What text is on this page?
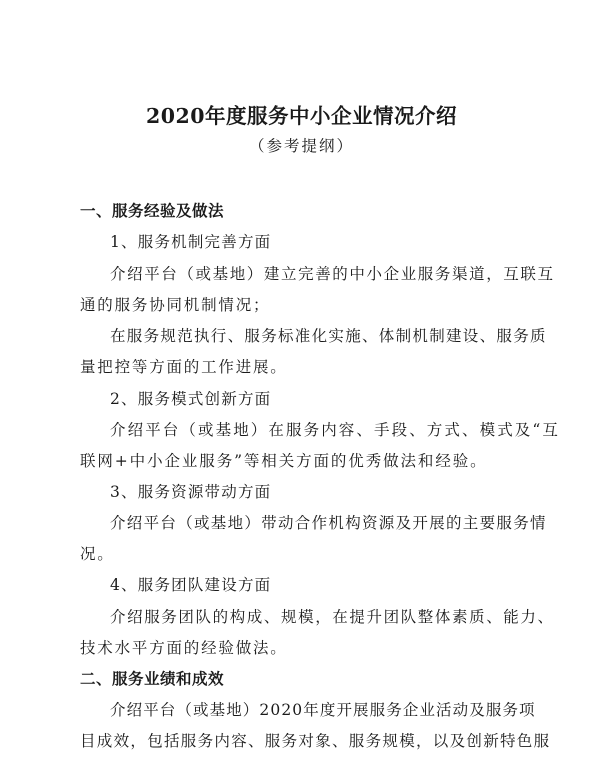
2020年度服务中小企业情况介绍
（参考提纲）
一、服务经验及做法
1、服务机制完善方面
介绍平台（或基地）建立完善的中小企业服务渠道，互联互
通的服务协同机制情况；
在服务规范执行、服务标准化实施、体制机制建设、服务质
量把控等方面的工作进展。
2、服务模式创新方面
介绍平台（或基地）在服务内容、手段、方式、模式及“互
联网+中小企业服务”等相关方面的优秀做法和经验。
3、服务资源带动方面
介绍平台（或基地）带动合作机构资源及开展的主要服务情
况。
4、服务团队建设方面
介绍服务团队的构成、规模，在提升团队整体素质、能力、
技术水平方面的经验做法。
二、服务业绩和成效
介绍平台（或基地）2020年度开展服务企业活动及服务项
目成效，包括服务内容、服务对象、服务规模，以及创新特色服
